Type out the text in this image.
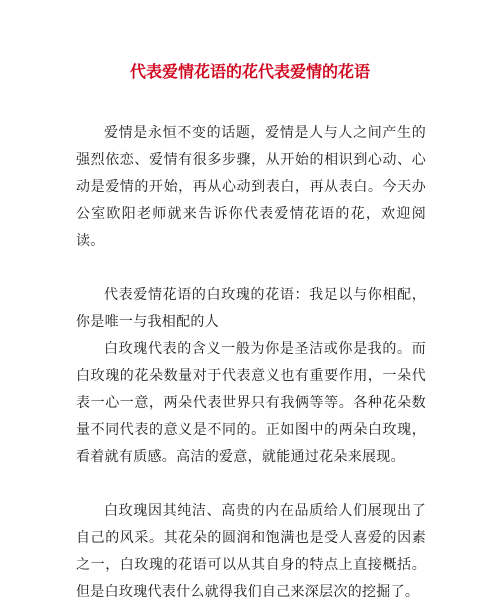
代表爱情花语的花代表爱情的花语

爱情是永恒不变的话题，爱情是人与人之间产生的强烈依恋、爱情有很多步骤，从开始的相识到心动、心动是爱情的开始，再从心动到表白，再从表白。今天办公室欧阳老师就来告诉你代表爱情花语的花，欢迎阅读。

代表爱情花语的白玫瑰的花语：我足以与你相配，你是唯一与我相配的人

白玫瑰代表的含义一般为你是圣洁或你是我的。而白玫瑰的花朵数量对于代表意义也有重要作用，一朵代表一心一意，两朵代表世界只有我俩等等。各种花朵数量不同代表的意义是不同的。正如图中的两朵白玫瑰，看着就有质感。高洁的爱意，就能通过花朵来展现。

白玫瑰因其纯洁、高贵的内在品质给人们展现出了自己的风采。其花朵的圆润和饱满也是受人喜爱的因素之一，白玫瑰的花语可以从其自身的特点上直接概括。但是白玫瑰代表什么就得我们自己来深层次的挖掘了。
